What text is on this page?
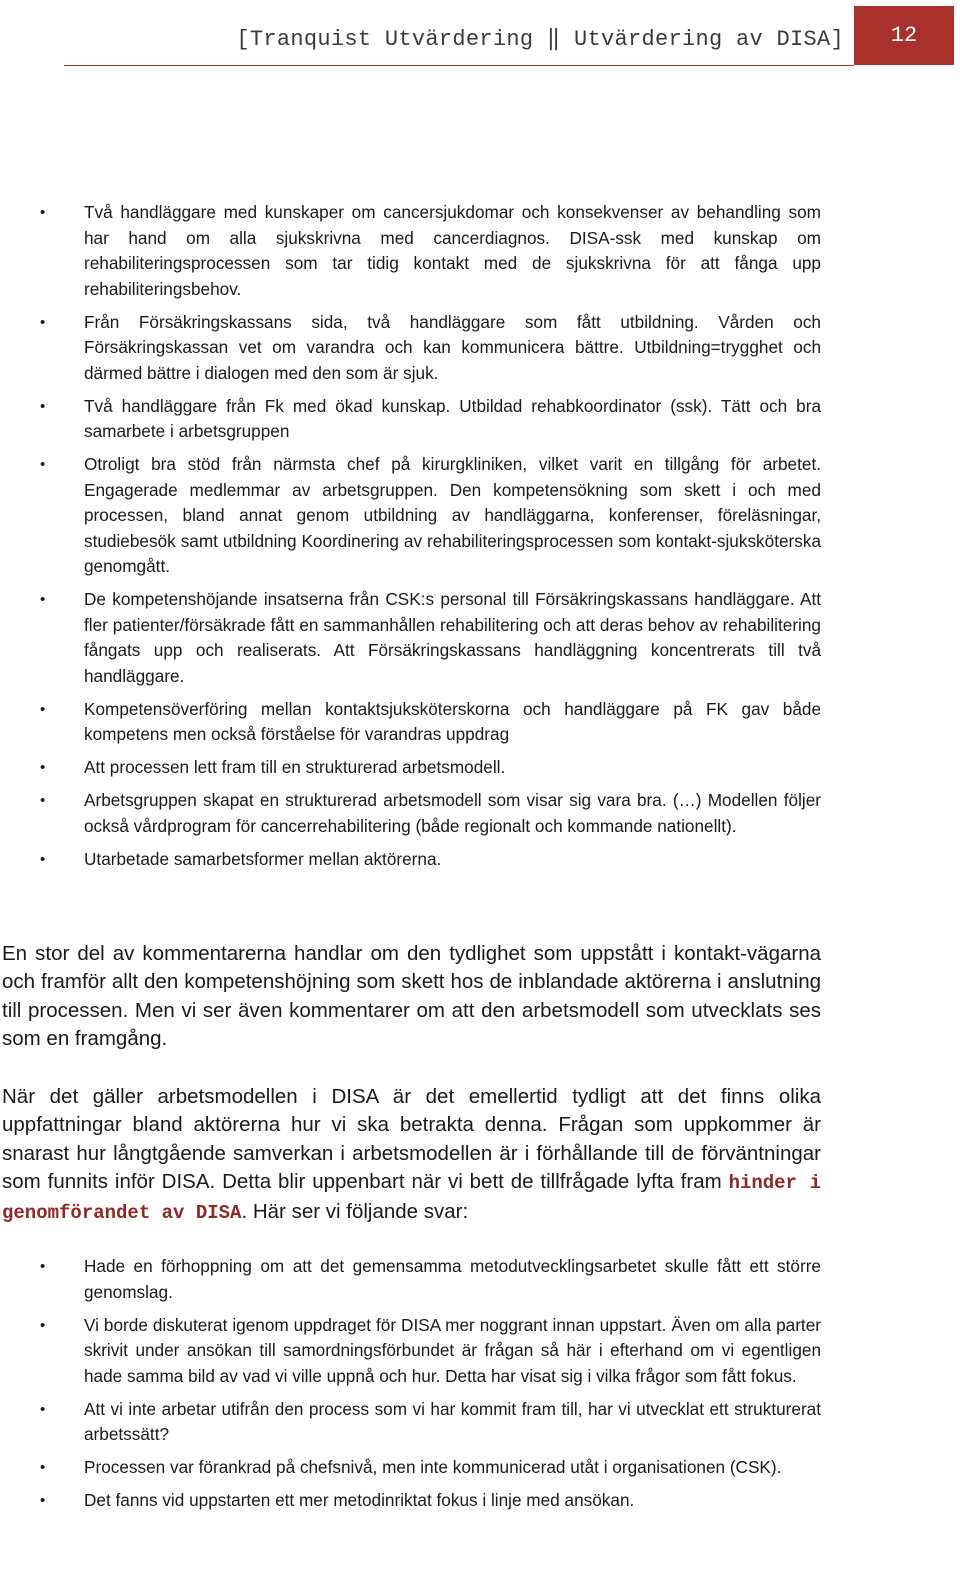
[Tranquist Utvärdering ‖ Utvärdering av DISA] 12
• Två handläggare med kunskaper om cancersjukdomar och konsekvenser av behandling som har hand om alla sjukskrivna med cancerdiagnos. DISA-ssk med kunskap om rehabiliteringsprocessen som tar tidig kontakt med de sjukskrivna för att fånga upp rehabiliteringsbehov.
• Från Försäkringskassans sida, två handläggare som fått utbildning. Vården och Försäkringskassan vet om varandra och kan kommunicera bättre. Utbildning=trygghet och därmed bättre i dialogen med den som är sjuk.
• Två handläggare från Fk med ökad kunskap. Utbildad rehabkoordinator (ssk). Tätt och bra samarbete i arbetsgruppen
• Otroligt bra stöd från närmsta chef på kirurgkliniken, vilket varit en tillgång för arbetet. Engagerade medlemmar av arbetsgruppen. Den kompetensökning som skett i och med processen, bland annat genom utbildning av handläggarna, konferenser, föreläsningar, studiebesök samt utbildning Koordinering av rehabiliteringsprocessen som kontakt-sjuksköterska genomgått.
• De kompetenshöjande insatserna från CSK:s personal till Försäkringskassans handläggare. Att fler patienter/försäkrade fått en sammanhållen rehabilitering och att deras behov av rehabilitering fångats upp och realiserats. Att Försäkringskassans handläggning koncentrerats till två handläggare.
• Kompetensöverföring mellan kontaktsjuksköterskorna och handläggare på FK gav både kompetens men också förståelse för varandras uppdrag
• Att processen lett fram till en strukturerad arbetsmodell.
• Arbetsgruppen skapat en strukturerad arbetsmodell som visar sig vara bra. (…) Modellen följer också vårdprogram för cancerrehabilitering (både regionalt och kommande nationellt).
• Utarbetade samarbetsformer mellan aktörerna.

En stor del av kommentarerna handlar om den tydlighet som uppstått i kontakt-vägarna och framför allt den kompetenshöjning som skett hos de inblandade aktörerna i anslutning till processen. Men vi ser även kommentarer om att den arbetsmodell som utvecklats ses som en framgång.

När det gäller arbetsmodellen i DISA är det emellertid tydligt att det finns olika uppfattningar bland aktörerna hur vi ska betrakta denna. Frågan som uppkommer är snarast hur långtgående samverkan i arbetsmodellen är i förhållande till de förväntningar som funnits inför DISA. Detta blir uppenbart när vi bett de tillfrågade lyfta fram hinder i genomförandet av DISA. Här ser vi följande svar:

• Hade en förhoppning om att det gemensamma metodutvecklingsarbetet skulle fått ett större genomslag.
• Vi borde diskuterat igenom uppdraget för DISA mer noggrant innan uppstart. Även om alla parter skrivit under ansökan till samordningsförbundet är frågan så här i efterhand om vi egentligen hade samma bild av vad vi ville uppnå och hur. Detta har visat sig i vilka frågor som fått fokus.
• Att vi inte arbetar utifrån den process som vi har kommit fram till, har vi utvecklat ett strukturerat arbetssätt?
• Processen var förankrad på chefsnivå, men inte kommunicerad utåt i organisationen (CSK).
• Det fanns vid uppstarten ett mer metodinriktat fokus i linje med ansökan.
